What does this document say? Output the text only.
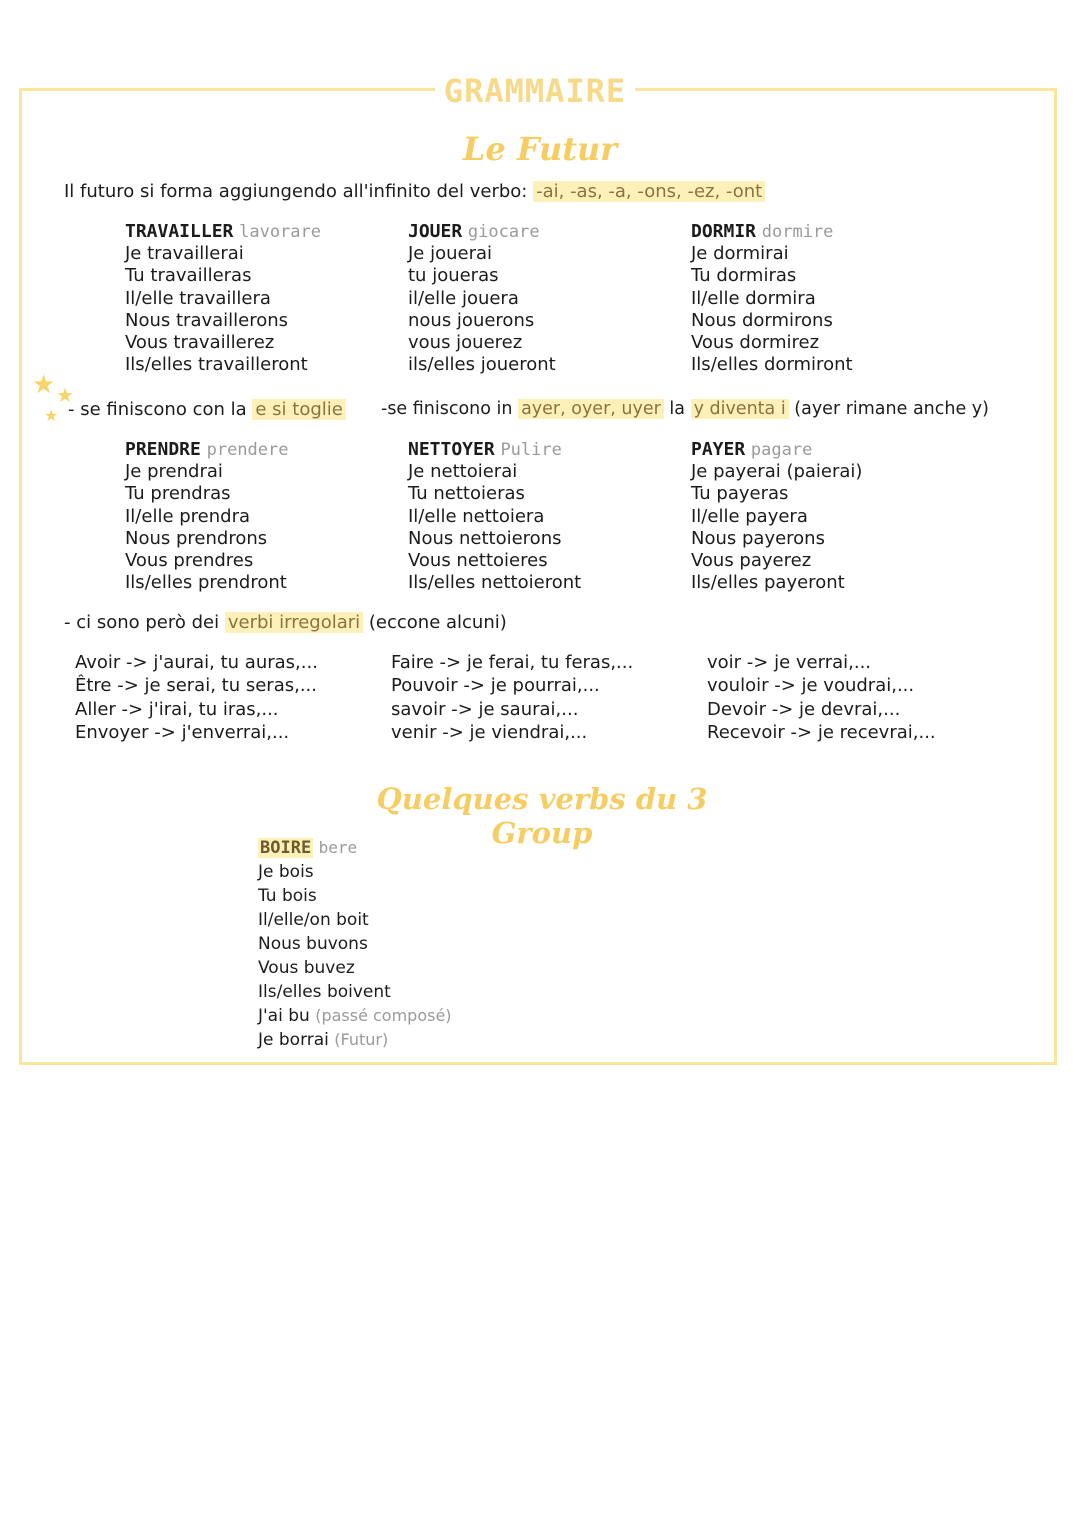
GRAMMAIRE
Le Futur
Il futuro si forma aggiungendo all'infinito del verbo: -ai, -as, -a, -ons, -ez, -ont
TRAVAILLER lavorare
Je travaillerai
Tu travailleras
Il/elle travaillera
Nous travaillerons
Vous travaillerez
Ils/elles travailleront
JOUER giocare
Je jouerai
tu joueras
il/elle jouera
nous jouerons
vous jouerez
ils/elles joueront
DORMIR dormire
Je dormirai
Tu dormiras
Il/elle dormira
Nous dormirons
Vous dormirez
Ils/elles dormiront
★ ★
★ - se finiscono con la e si toglie -se finiscono in ayer, oyer, uyer la y diventa i (ayer rimane anche y)
PRENDRE prendere
Je prendrai
Tu prendras
Il/elle prendra
Nous prendrons
Vous prendres
Ils/elles prendront
NETTOYER Pulire
Je nettoierai
Tu nettoieras
Il/elle nettoiera
Nous nettoierons
Vous nettoieres
Ils/elles nettoieront
PAYER pagare
Je payerai (paierai)
Tu payeras
Il/elle payera
Nous payerons
Vous payerez
Ils/elles payeront
- ci sono però dei verbi irregolari (eccone alcuni)
Avoir -> j'aurai, tu auras,...
Être -> je serai, tu seras,...
Aller -> j'irai, tu iras,...
Envoyer -> j'enverrai,...
Faire -> je ferai, tu feras,...
Pouvoir -> je pourrai,...
savoir -> je saurai,...
venir -> je viendrai,...
voir -> je verrai,...
vouloir -> je voudrai,...
Devoir -> je devrai,...
Recevoir -> je recevrai,...
Quelques verbs du 3 Group
BOIRE bere
Je bois
Tu bois
Il/elle/on boit
Nous buvons
Vous buvez
Ils/elles boivent
J'ai bu (passé composé)
Je borrai (Futur)
